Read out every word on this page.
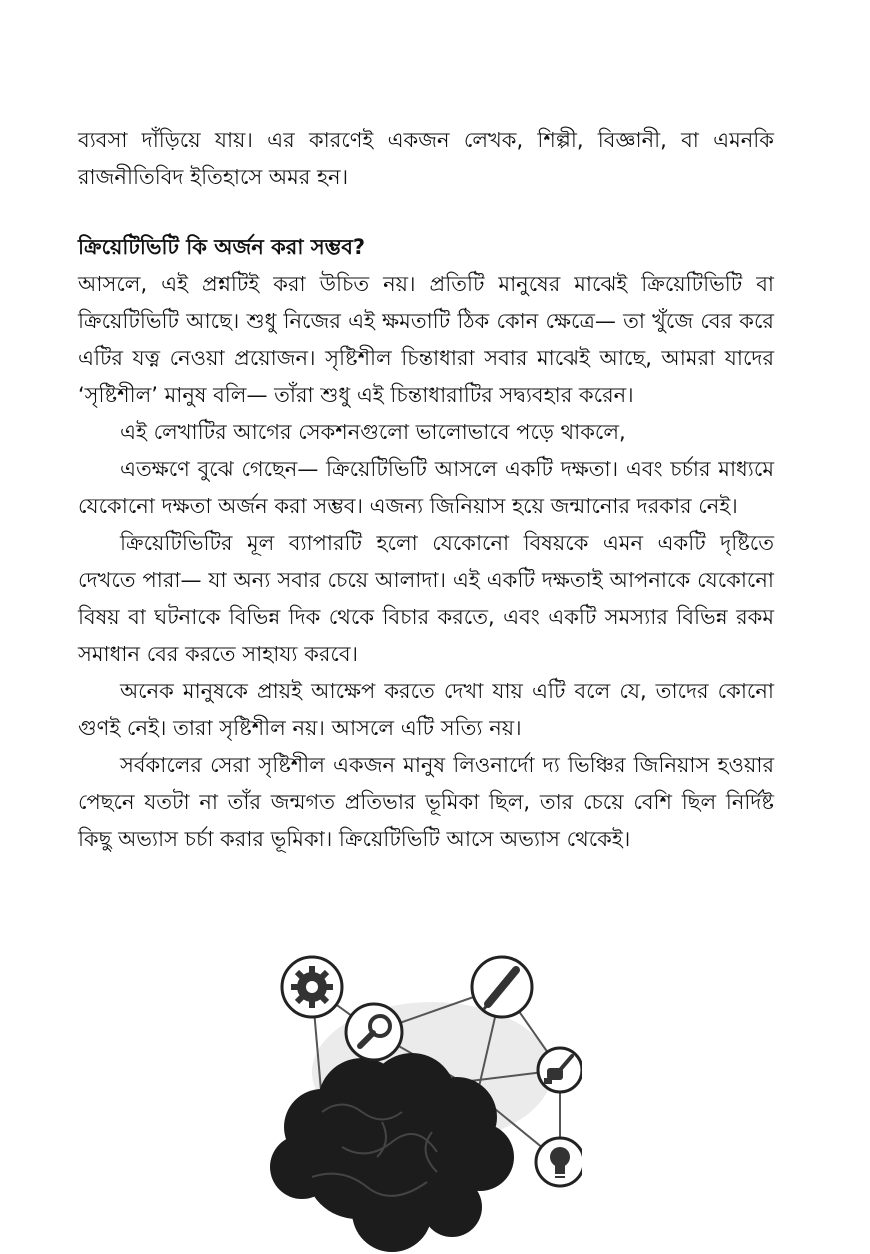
ব্যবসা দাঁড়িয়ে যায়। এর কারণেই একজন লেখক, শিল্পী, বিজ্ঞানী, বা এমনকি রাজনীতিবিদ ইতিহাসে অমর হন।

ক্রিয়েটিভিটি কি অর্জন করা সম্ভব?

আসলে, এই প্রশ্নটিই করা উচিত নয়। প্রতিটি মানুষের মাঝেই ক্রিয়েটিভিটি বা ক্রিয়েটিভিটি আছে। শুধু নিজের এই ক্ষমতাটি ঠিক কোন ক্ষেত্রে— তা খুঁজে বের করে এটির যত্ন নেওয়া প্রয়োজন। সৃষ্টিশীল চিন্তাধারা সবার মাঝেই আছে, আমরা যাদের ‘সৃষ্টিশীল’ মানুষ বলি— তাঁরা শুধু এই চিন্তাধারাটির সদ্ব্যবহার করেন।

এই লেখাটির আগের সেকশনগুলো ভালোভাবে পড়ে থাকলে,

এতক্ষণে বুঝে গেছেন— ক্রিয়েটিভিটি আসলে একটি দক্ষতা। এবং চর্চার মাধ্যমে যেকোনো দক্ষতা অর্জন করা সম্ভব। এজন্য জিনিয়াস হয়ে জন্মানোর দরকার নেই।

ক্রিয়েটিভিটির মূল ব্যাপারটি হলো যেকোনো বিষয়কে এমন একটি দৃষ্টিতে দেখতে পারা— যা অন্য সবার চেয়ে আলাদা। এই একটি দক্ষতাই আপনাকে যেকোনো বিষয় বা ঘটনাকে বিভিন্ন দিক থেকে বিচার করতে, এবং একটি সমস্যার বিভিন্ন রকম সমাধান বের করতে সাহায্য করবে।

অনেক মানুষকে প্রায়ই আক্ষেপ করতে দেখা যায় এটি বলে যে, তাদের কোনো গুণই নেই। তারা সৃষ্টিশীল নয়। আসলে এটি সত্যি নয়।

সর্বকালের সেরা সৃষ্টিশীল একজন মানুষ লিওনার্দো দ্য ভিঞ্চির জিনিয়াস হওয়ার পেছনে যতটা না তাঁর জন্মগত প্রতিভার ভূমিকা ছিল, তার চেয়ে বেশি ছিল নির্দিষ্ট কিছু অভ্যাস চর্চা করার ভূমিকা। ক্রিয়েটিভিটি আসে অভ্যাস থেকেই।
